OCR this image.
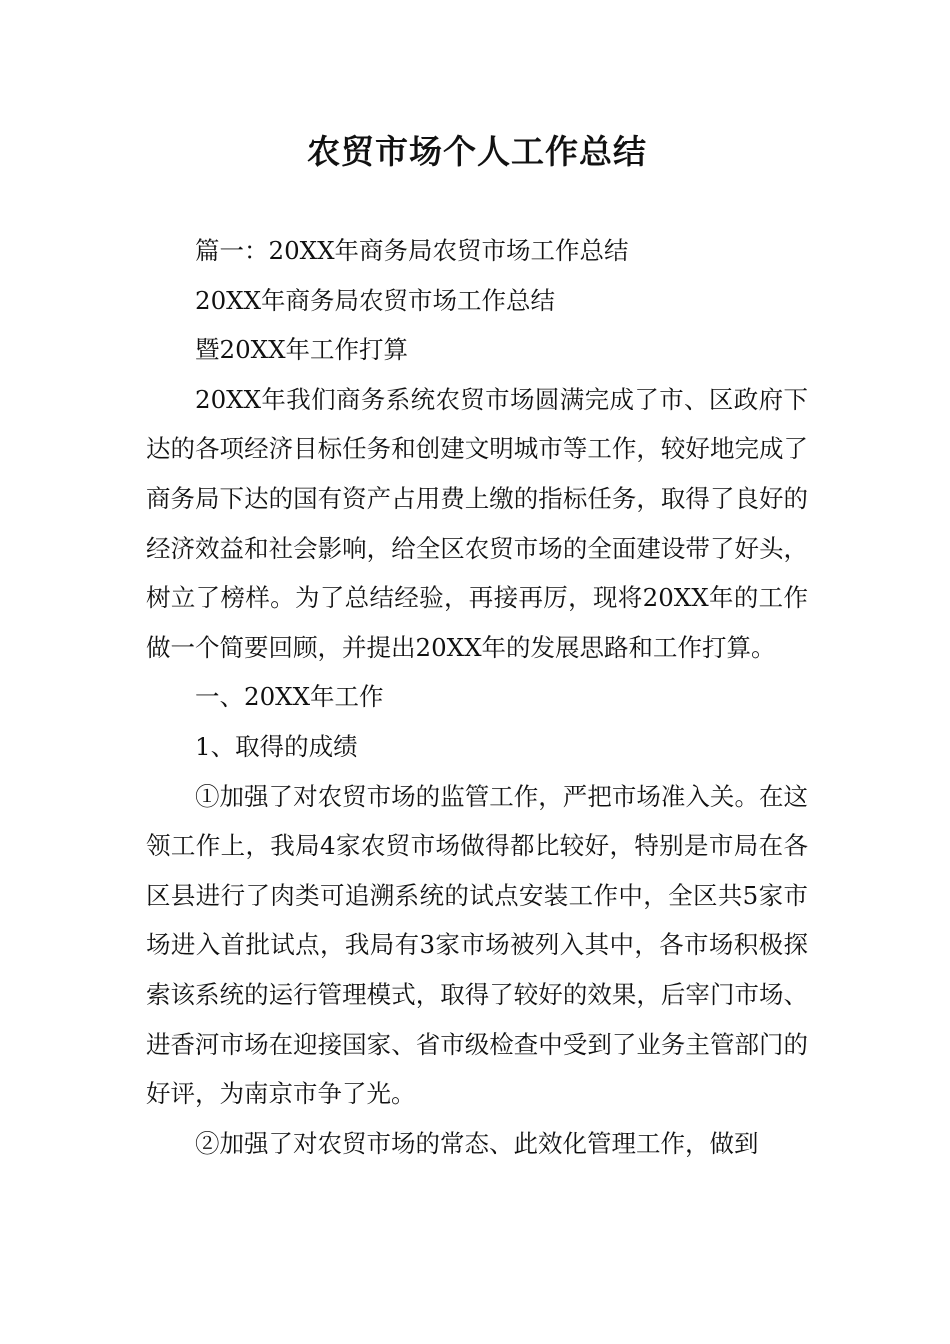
农贸市场个人工作总结

篇一：20XX年商务局农贸市场工作总结

20XX年商务局农贸市场工作总结

暨20XX年工作打算

20XX年我们商务系统农贸市场圆满完成了市、区政府下达的各项经济目标任务和创建文明城市等工作，较好地完成了商务局下达的国有资产占用费上缴的指标任务，取得了良好的经济效益和社会影响，给全区农贸市场的全面建设带了好头，树立了榜样。为了总结经验，再接再厉，现将20XX年的工作做一个简要回顾，并提出20XX年的发展思路和工作打算。

一、20XX年工作

1、取得的成绩

①加强了对农贸市场的监管工作，严把市场准入关。在这领工作上，我局4家农贸市场做得都比较好，特别是市局在各区县进行了肉类可追溯系统的试点安装工作中，全区共5家市场进入首批试点，我局有3家市场被列入其中，各市场积极探索该系统的运行管理模式，取得了较好的效果，后宰门市场、进香河市场在迎接国家、省市级检查中受到了业务主管部门的好评，为南京市争了光。

②加强了对农贸市场的常态、此效化管理工作，做到
